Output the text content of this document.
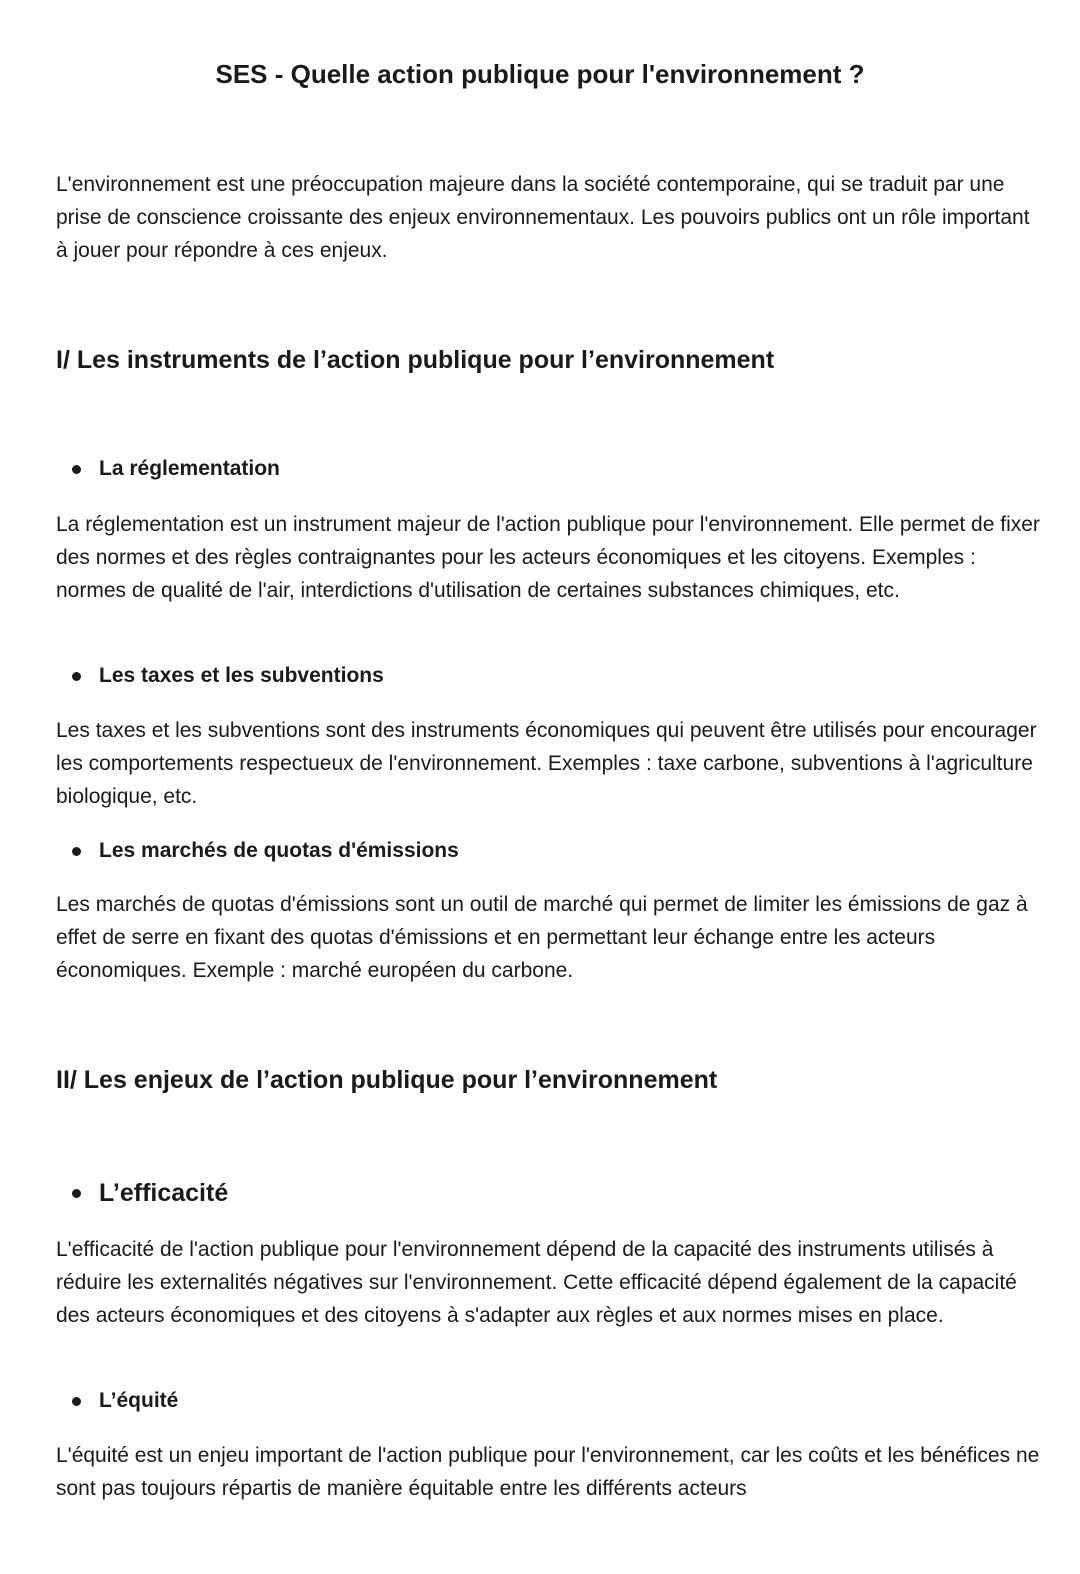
SES - Quelle action publique pour l'environnement ?

L'environnement est une préoccupation majeure dans la société contemporaine, qui se traduit par une prise de conscience croissante des enjeux environnementaux. Les pouvoirs publics ont un rôle important à jouer pour répondre à ces enjeux.

I/ Les instruments de l’action publique pour l’environnement
La réglementation

La réglementation est un instrument majeur de l'action publique pour l'environnement. Elle permet de fixer des normes et des règles contraignantes pour les acteurs économiques et les citoyens. Exemples : normes de qualité de l'air, interdictions d'utilisation de certaines substances chimiques, etc.

Les taxes et les subventions

Les taxes et les subventions sont des instruments économiques qui peuvent être utilisés pour encourager les comportements respectueux de l'environnement. Exemples : taxe carbone, subventions à l'agriculture biologique, etc.

Les marchés de quotas d'émissions

Les marchés de quotas d'émissions sont un outil de marché qui permet de limiter les émissions de gaz à effet de serre en fixant des quotas d'émissions et en permettant leur échange entre les acteurs économiques. Exemple : marché européen du carbone.

II/ Les enjeux de l’action publique pour l’environnement
L’efficacité

L'efficacité de l'action publique pour l'environnement dépend de la capacité des instruments utilisés à réduire les externalités négatives sur l'environnement. Cette efficacité dépend également de la capacité des acteurs économiques et des citoyens à s'adapter aux règles et aux normes mises en place.

L’équité

L'équité est un enjeu important de l'action publique pour l'environnement, car les coûts et les bénéfices ne sont pas toujours répartis de manière équitable entre les différents acteurs
